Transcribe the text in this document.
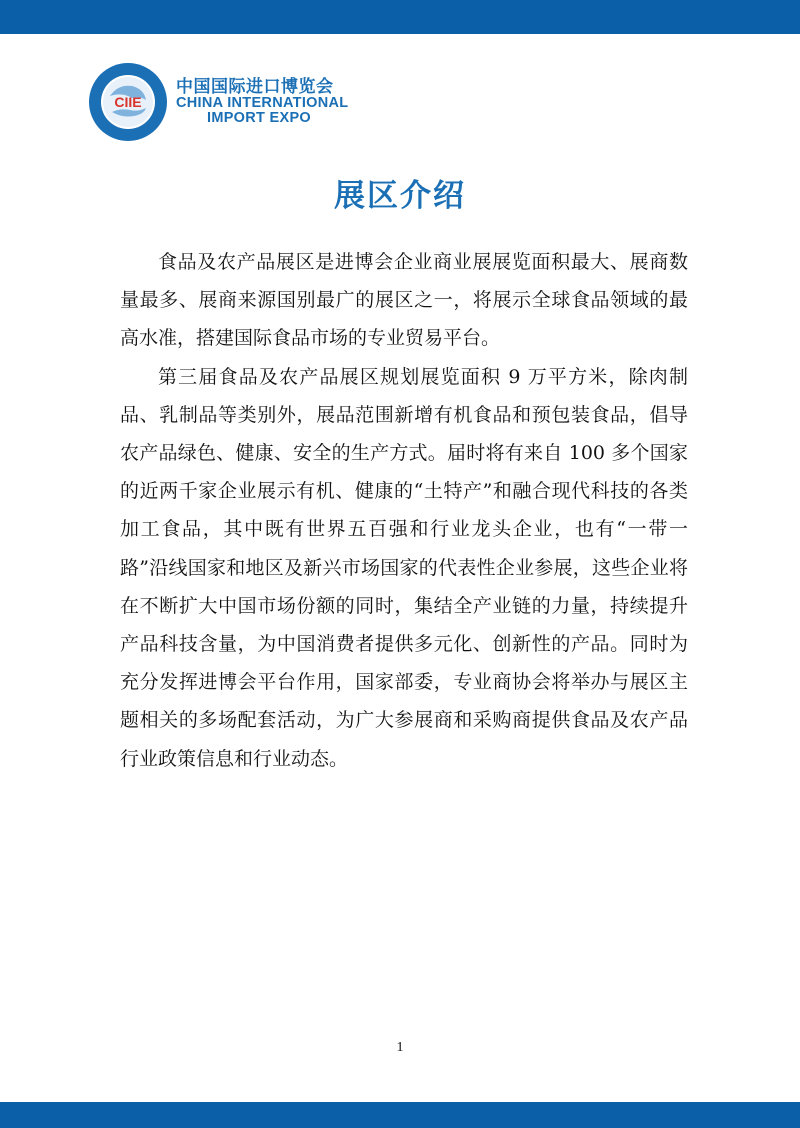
CIIE
中国国际进口博览会
CHINA INTERNATIONAL
IMPORT EXPO
展区介绍

食品及农产品展区是进博会企业商业展展览面积最大、展商数量最多、展商来源国别最广的展区之一，将展示全球食品领域的最高水准，搭建国际食品市场的专业贸易平台。

第三届食品及农产品展区规划展览面积 9 万平方米，除肉制品、乳制品等类别外，展品范围新增有机食品和预包装食品，倡导农产品绿色、健康、安全的生产方式。届时将有来自 100 多个国家的近两千家企业展示有机、健康的“土特产”和融合现代科技的各类加工食品，其中既有世界五百强和行业龙头企业，也有“一带一路”沿线国家和地区及新兴市场国家的代表性企业参展，这些企业将在不断扩大中国市场份额的同时，集结全产业链的力量，持续提升产品科技含量，为中国消费者提供多元化、创新性的产品。同时为充分发挥进博会平台作用，国家部委，专业商协会将举办与展区主题相关的多场配套活动，为广大参展商和采购商提供食品及农产品行业政策信息和行业动态。

1
